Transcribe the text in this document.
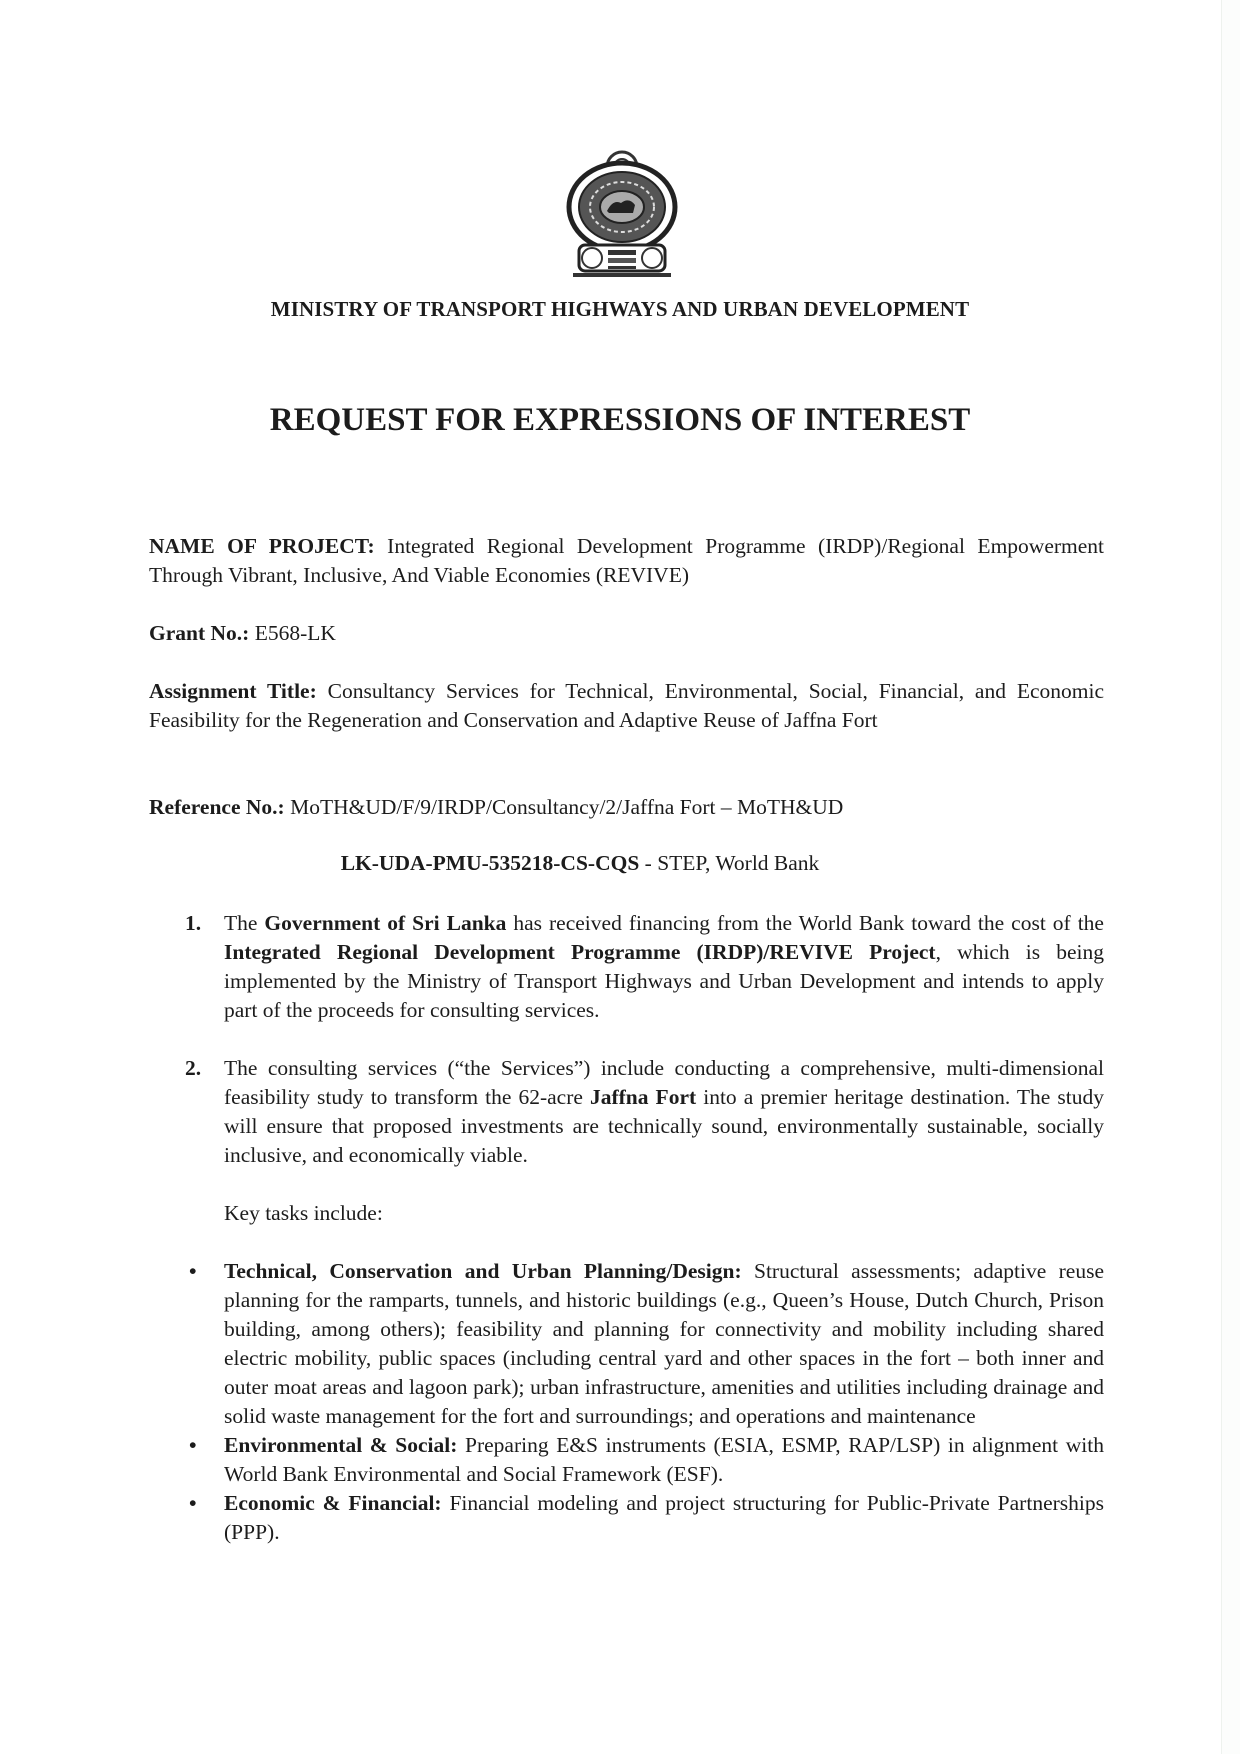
MINISTRY OF TRANSPORT HIGHWAYS AND URBAN DEVELOPMENT
REQUEST FOR EXPRESSIONS OF INTEREST
NAME OF PROJECT: Integrated Regional Development Programme (IRDP)/Regional Empowerment Through Vibrant, Inclusive, And Viable Economies (REVIVE)
Grant No.: E568-LK
Assignment Title: Consultancy Services for Technical, Environmental, Social, Financial, and Economic Feasibility for the Regeneration and Conservation and Adaptive Reuse of Jaffna Fort
Reference No.: MoTH&UD/F/9/IRDP/Consultancy/2/Jaffna Fort – MoTH&UD
LK-UDA-PMU-535218-CS-CQS - STEP, World Bank
1. The Government of Sri Lanka has received financing from the World Bank toward the cost of the Integrated Regional Development Programme (IRDP)/REVIVE Project, which is being implemented by the Ministry of Transport Highways and Urban Development and intends to apply part of the proceeds for consulting services.
2. The consulting services (“the Services”) include conducting a comprehensive, multi-dimensional feasibility study to transform the 62-acre Jaffna Fort into a premier heritage destination. The study will ensure that proposed investments are technically sound, environmentally sustainable, socially inclusive, and economically viable.
Key tasks include:
• Technical, Conservation and Urban Planning/Design: Structural assessments; adaptive reuse planning for the ramparts, tunnels, and historic buildings (e.g., Queen’s House, Dutch Church, Prison building, among others); feasibility and planning for connectivity and mobility including shared electric mobility, public spaces (including central yard and other spaces in the fort – both inner and outer moat areas and lagoon park); urban infrastructure, amenities and utilities including drainage and solid waste management for the fort and surroundings; and operations and maintenance
• Environmental & Social: Preparing E&S instruments (ESIA, ESMP, RAP/LSP) in alignment with World Bank Environmental and Social Framework (ESF).
• Economic & Financial: Financial modeling and project structuring for Public-Private Partnerships (PPP).
